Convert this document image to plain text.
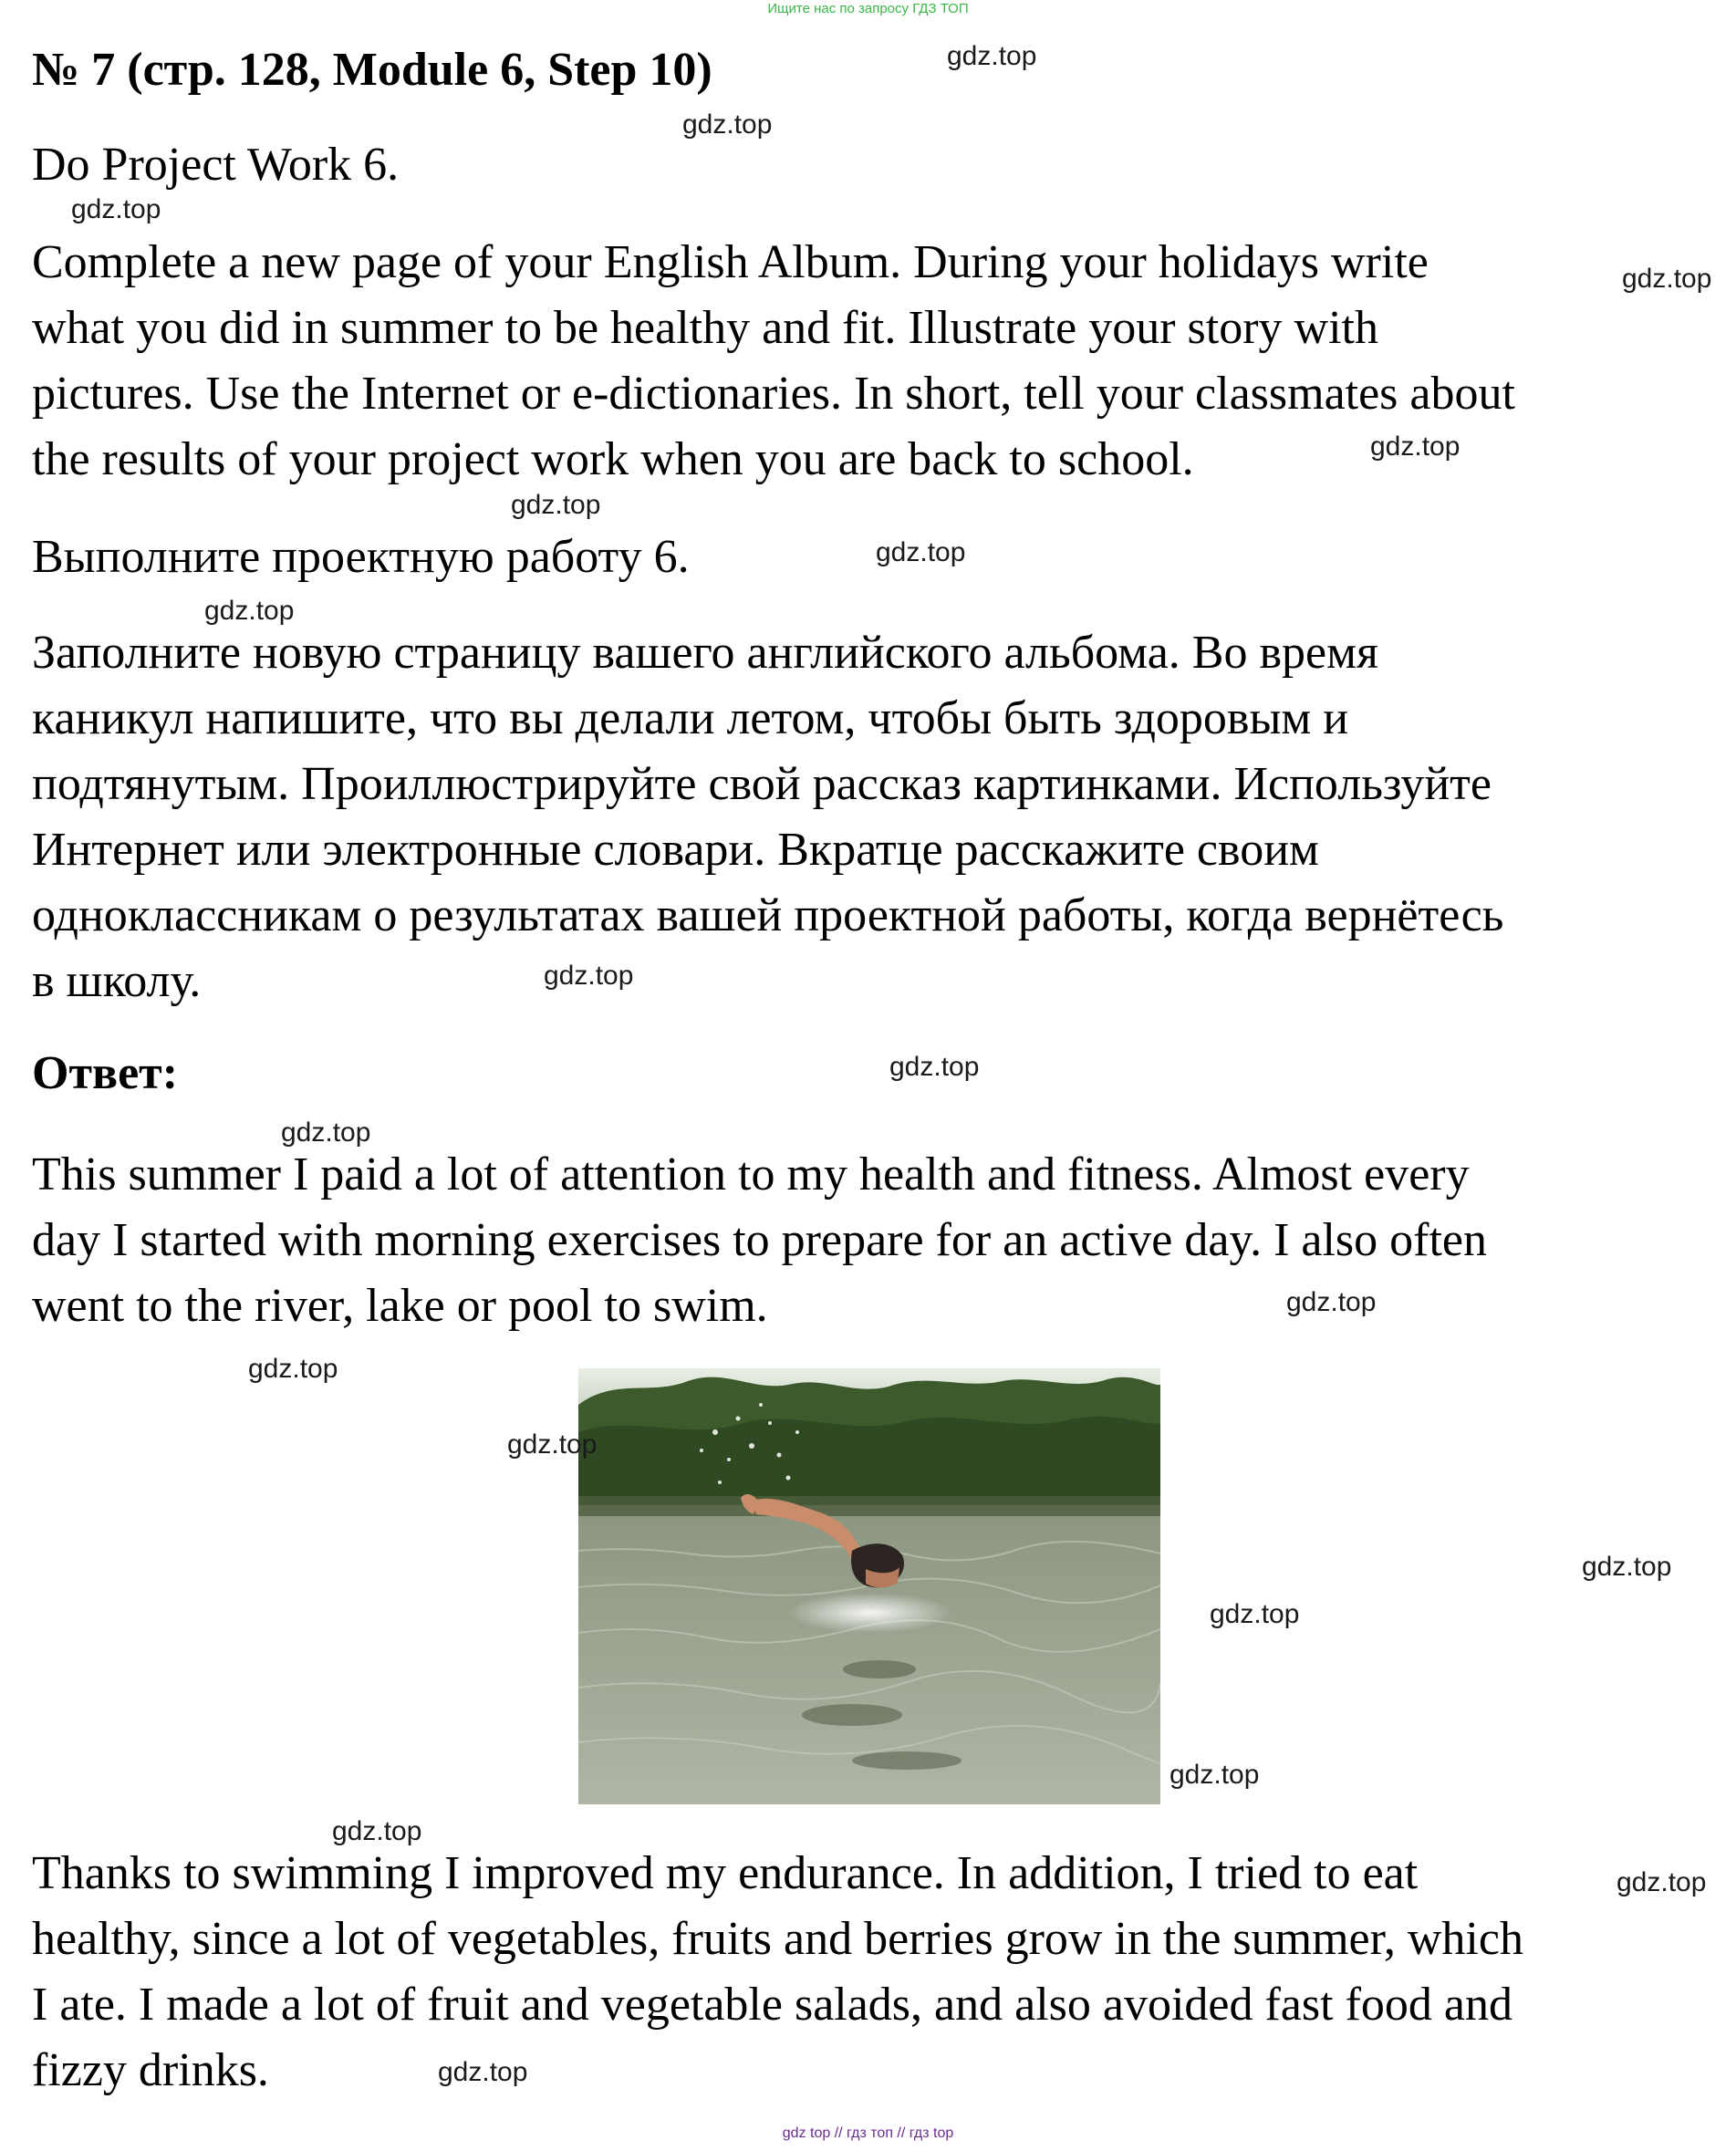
Ищите нас по запросу ГДЗ ТОП
№ 7 (стр. 128, Module 6, Step 10)
Do Project Work 6.
Complete a new page of your English Album. During your holidays write
what you did in summer to be healthy and fit. Illustrate your story with
pictures. Use the Internet or e-dictionaries. In short, tell your classmates about
the results of your project work when you are back to school.
Выполните проектную работу 6.
Заполните новую страницу вашего английского альбома. Во время
каникул напишите, что вы делали летом, чтобы быть здоровым и
подтянутым. Проиллюстрируйте свой рассказ картинками. Используйте
Интернет или электронные словари. Вкратце расскажите своим
одноклассникам о результатах вашей проектной работы, когда вернётесь
в школу.
Ответ:
This summer I paid a lot of attention to my health and fitness. Almost every
day I started with morning exercises to prepare for an active day. I also often
went to the river, lake or pool to swim.
Thanks to swimming I improved my endurance. In addition, I tried to eat
healthy, since a lot of vegetables, fruits and berries grow in the summer, which
I ate. I made a lot of fruit and vegetable salads, and also avoided fast food and
fizzy drinks.
gdz.top
gdz.top
gdz.top
gdz.top
gdz.top
gdz.top
gdz.top
gdz.top
gdz.top
gdz.top
gdz.top
gdz.top
gdz.top
gdz.top
gdz.top
gdz.top
gdz.top
gdz.top
gdz.top
gdz.top
gdz top // гдз топ // гдз top
